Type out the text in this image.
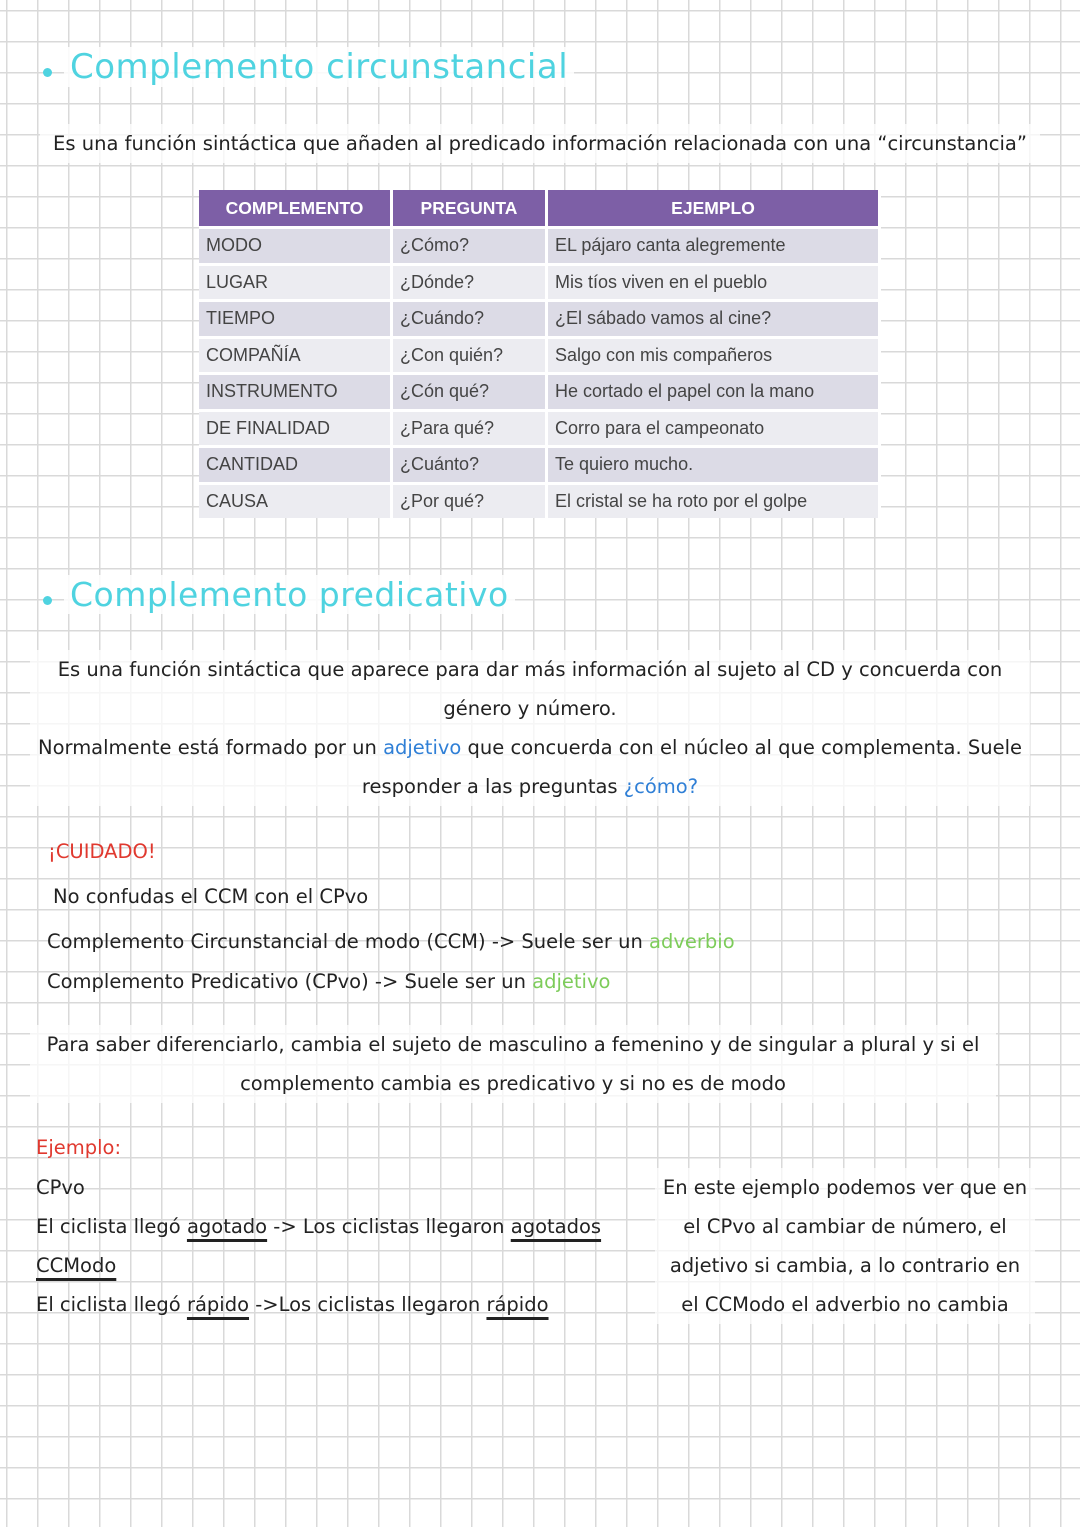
Complemento circunstancial
Es una función sintáctica que añaden al predicado información relacionada con una “circunstancia”
COMPLEMENTO	PREGUNTA	EJEMPLO
MODO	¿Cómo?	EL pájaro canta alegremente
LUGAR	¿Dónde?	Mis tíos viven en el pueblo
TIEMPO	¿Cuándo?	¿El sábado vamos al cine?
COMPAÑÍA	¿Con quién?	Salgo con mis compañeros
INSTRUMENTO	¿Cón qué?	He cortado el papel con la mano
DE FINALIDAD	¿Para qué?	Corro para el campeonato
CANTIDAD	¿Cuánto?	Te quiero mucho.
CAUSA	¿Por qué?	El cristal se ha roto por el golpe
Complemento predicativo
Es una función sintáctica que aparece para dar más información al sujeto al CD y concuerda con
género y número.
Normalmente está formado por un adjetivo que concuerda con el núcleo al que complementa. Suele
responder a las preguntas ¿cómo?
¡CUIDADO!
No confudas el CCM con el CPvo
Complemento Circunstancial de modo (CCM) -> Suele ser un adverbio
Complemento Predicativo (CPvo) -> Suele ser un adjetivo
Para saber diferenciarlo, cambia el sujeto de masculino a femenino y de singular a plural y si el
complemento cambia es predicativo y si no es de modo
Ejemplo:
CPvo
El ciclista llegó agotado -> Los ciclistas llegaron agotados
CCModo
El ciclista llegó rápido ->Los ciclistas llegaron rápido
En este ejemplo podemos ver que en
el CPvo al cambiar de número, el
adjetivo si cambia, a lo contrario en
el CCModo el adverbio no cambia
